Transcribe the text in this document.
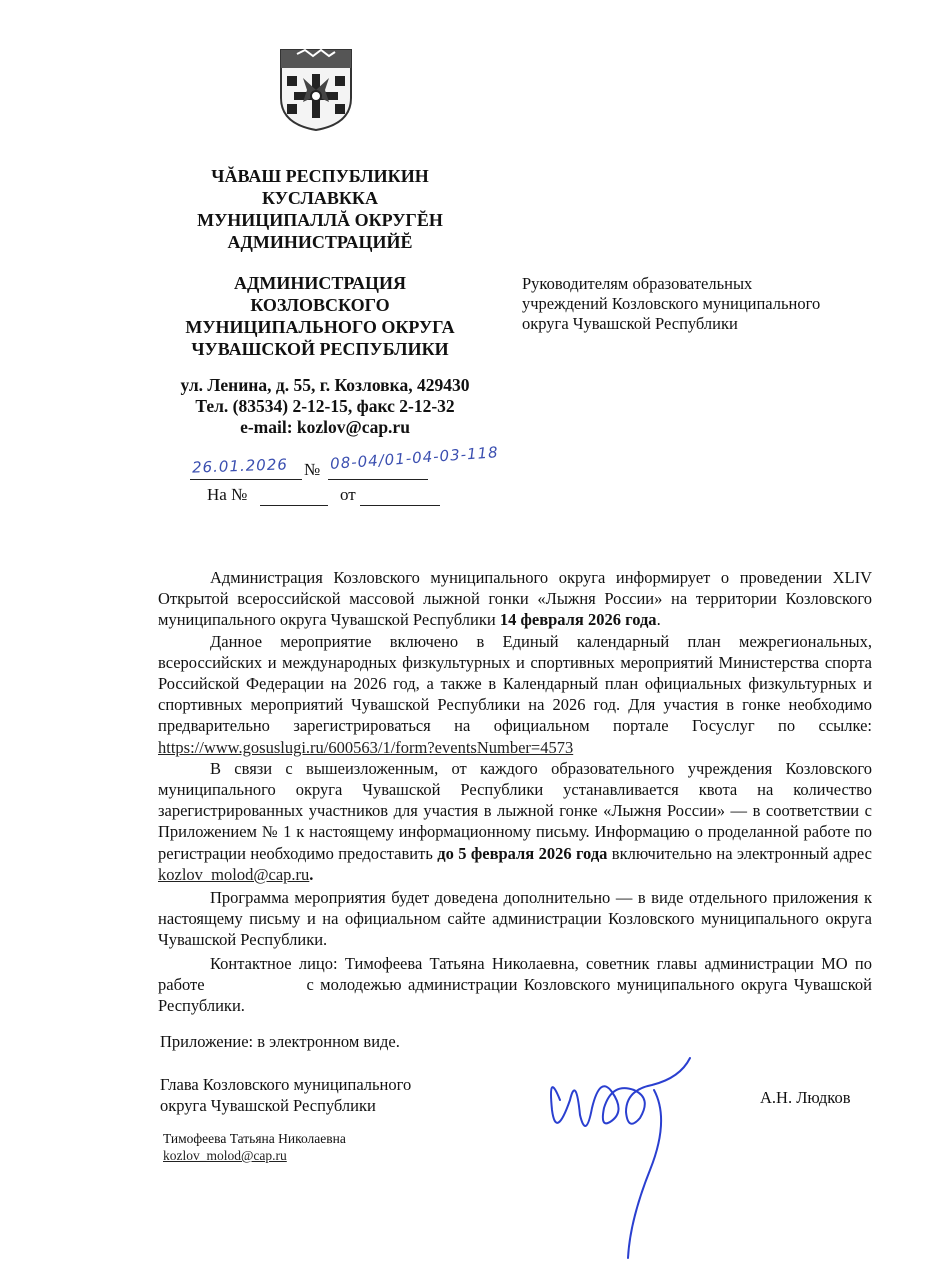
ЧĂВАШ РЕСПУБЛИКИН

КУСЛАВККА

МУНИЦИПАЛЛĂ ОКРУГĔН

АДМИНИСТРАЦИЙĔ

АДМИНИСТРАЦИЯ

КОЗЛОВСКОГО

МУНИЦИПАЛЬНОГО ОКРУГА

ЧУВАШСКОЙ РЕСПУБЛИКИ

ул. Ленина, д. 55, г. Козловка, 429430
Тел. (83534) 2-12-15, факс 2-12-32
e-mail: kozlov@cap.ru
Руководителям образовательных
учреждений Козловского муниципального
округа Чувашской Республики
26.01.2026 № 08-04/01-04-03-118
На №	от

Администрация Козловского муниципального округа информирует о проведении XLIV Открытой всероссийской массовой лыжной гонки «Лыжня России» на территории Козловского муниципального округа Чувашской Республики 14 февраля 2026 года.

Данное мероприятие включено в Единый календарный план межрегиональных, всероссийских и международных физкультурных и спортивных мероприятий Министерства спорта Российской Федерации на 2026 год, а также в Календарный план официальных физкультурных и спортивных мероприятий Чувашской Республики на 2026 год. Для участия в гонке необходимо предварительно зарегистрироваться на официальном портале Госуслуг по ссылке: https://www.gosuslugi.ru/600563/1/form?eventsNumber=4573

В связи с вышеизложенным, от каждого образовательного учреждения Козловского муниципального округа Чувашской Республики устанавливается квота на количество зарегистрированных участников для участия в лыжной гонке «Лыжня России» — в соответствии с Приложением № 1 к настоящему информационному письму. Информацию о проделанной работе по регистрации необходимо предоставить до 5 февраля 2026 года включительно на электронный адрес kozlov_molod@cap.ru.

Программа мероприятия будет доведена дополнительно — в виде отдельного приложения к настоящему письму и на официальном сайте администрации Козловского муниципального округа Чувашской Республики.

Контактное лицо: Тимофеева Татьяна Николаевна, советник главы администрации МО по работе                с молодежью администрации Козловского муниципального округа Чувашской Республики.

Приложение: в электронном виде.
Глава Козловского муниципального
округа Чувашской Республики	А.Н. Людков
Тимофеева Татьяна Николаевна
kozlov_molod@cap.ru
